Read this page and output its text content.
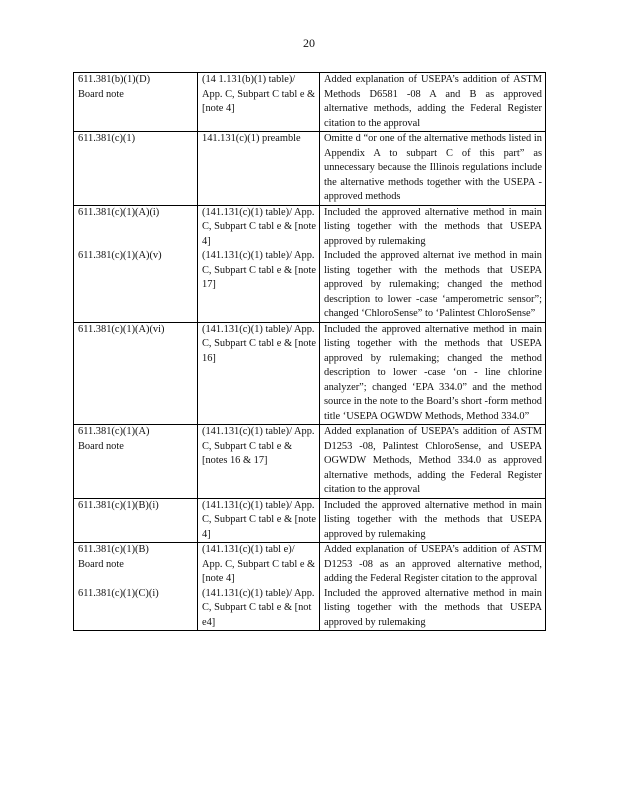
20
611.381(b)(1)(D)
Board note	(14 1.131(b)(1) table)/ App. C, Subpart C tabl e & [note 4]	Added explanation of USEPA’s addition of ASTM Methods D6581 -08 A and B as approved alternative methods, adding the Federal Register citation to the approval

611.381(c)(1)	141.131(c)(1) preamble	Omitte d “or one of the alternative methods listed in Appendix A to subpart C of this part” as unnecessary because the Illinois regulations include the alternative methods together with the USEPA -approved methods

611.381(c)(1)(A)(i)	(141.131(c)(1) table)/ App. C, Subpart C tabl e & [note 4]	Included the approved alternative method in main listing together with the methods that USEPA approved by rulemaking

611.381(c)(1)(A)(v)	(141.131(c)(1) table)/ App. C, Subpart C tabl e & [note 17]	Included the approved alternat ive method in main listing together with the methods that USEPA approved by rulemaking; changed the method description to lower -case ‘amperometric sensor”; changed ‘ChloroSense” to ‘Palintest ChloroSense”

611.381(c)(1)(A)(vi)	(141.131(c)(1) table)/ App. C, Subpart C tabl e & [note 16]	Included the approved alternative method in main listing together with the methods that USEPA approved by rulemaking; changed the method description to lower -case ‘on - line chlorine analyzer”; changed ‘EPA 334.0” and the method source in the note to the Board’s short -form method title ‘USEPA OGWDW Methods, Method 334.0”

611.381(c)(1)(A)
Board note	(141.131(c)(1) table)/ App. C, Subpart C tabl e & [notes 16 & 17]	Added explanation of USEPA’s addition of ASTM D1253 -08, Palintest ChloroSense, and USEPA OGWDW Methods, Method 334.0 as approved alternative methods, adding the Federal Register citation to the approval

611.381(c)(1)(B)(i)	(141.131(c)(1) table)/ App. C, Subpart C tabl e & [note 4]	Included the approved alternative method in main listing together with the methods that USEPA approved by rulemaking

611.381(c)(1)(B)
Board note	(141.131(c)(1) tabl e)/ App. C, Subpart C tabl e & [note 4]	Added explanation of USEPA’s addition of ASTM D1253 -08 as an approved alternative method, adding the Federal Register citation to the approval

611.381(c)(1)(C)(i)	(141.131(c)(1) table)/ App. C, Subpart C tabl e & [not e4]	Included the approved alternative method in main listing together with the methods that USEPA approved by rulemaking
